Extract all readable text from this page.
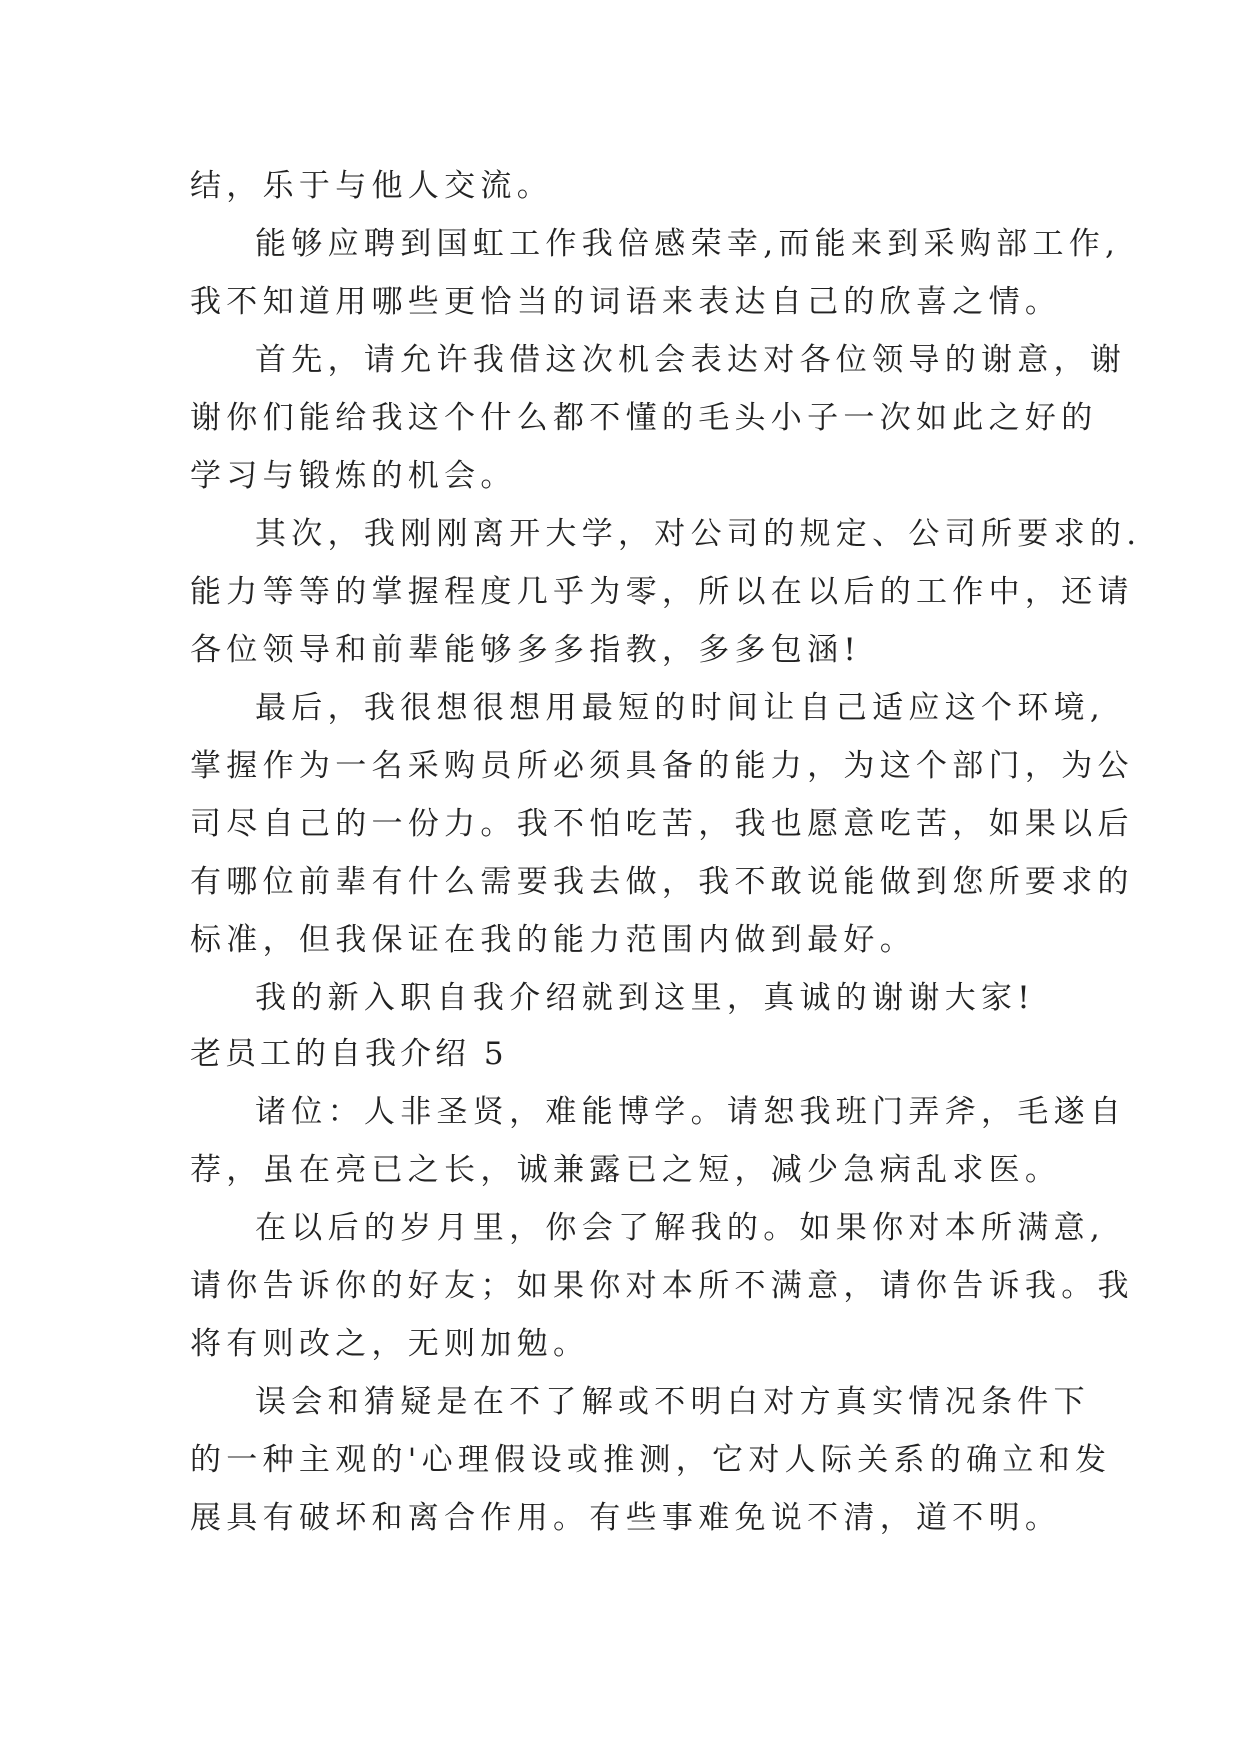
结，乐于与他人交流。
能够应聘到国虹工作我倍感荣幸,而能来到采购部工作,
我不知道用哪些更恰当的词语来表达自己的欣喜之情。
首先，请允许我借这次机会表达对各位领导的谢意，谢
谢你们能给我这个什么都不懂的毛头小子一次如此之好的
学习与锻炼的机会。
其次，我刚刚离开大学，对公司的规定、公司所要求的.
能力等等的掌握程度几乎为零，所以在以后的工作中，还请
各位领导和前辈能够多多指教，多多包涵!
最后，我很想很想用最短的时间让自己适应这个环境,
掌握作为一名采购员所必须具备的能力，为这个部门，为公
司尽自己的一份力。我不怕吃苦，我也愿意吃苦，如果以后
有哪位前辈有什么需要我去做，我不敢说能做到您所要求的
标准，但我保证在我的能力范围内做到最好。
我的新入职自我介绍就到这里，真诚的谢谢大家!
老员工的自我介绍 5
诸位：人非圣贤，难能博学。请恕我班门弄斧，毛遂自
荐，虽在亮已之长，诚兼露已之短，减少急病乱求医。
在以后的岁月里，你会了解我的。如果你对本所满意,
请你告诉你的好友；如果你对本所不满意，请你告诉我。我
将有则改之，无则加勉。
误会和猜疑是在不了解或不明白对方真实情况条件下
的一种主观的'心理假设或推测，它对人际关系的确立和发
展具有破坏和离合作用。有些事难免说不清，道不明。
